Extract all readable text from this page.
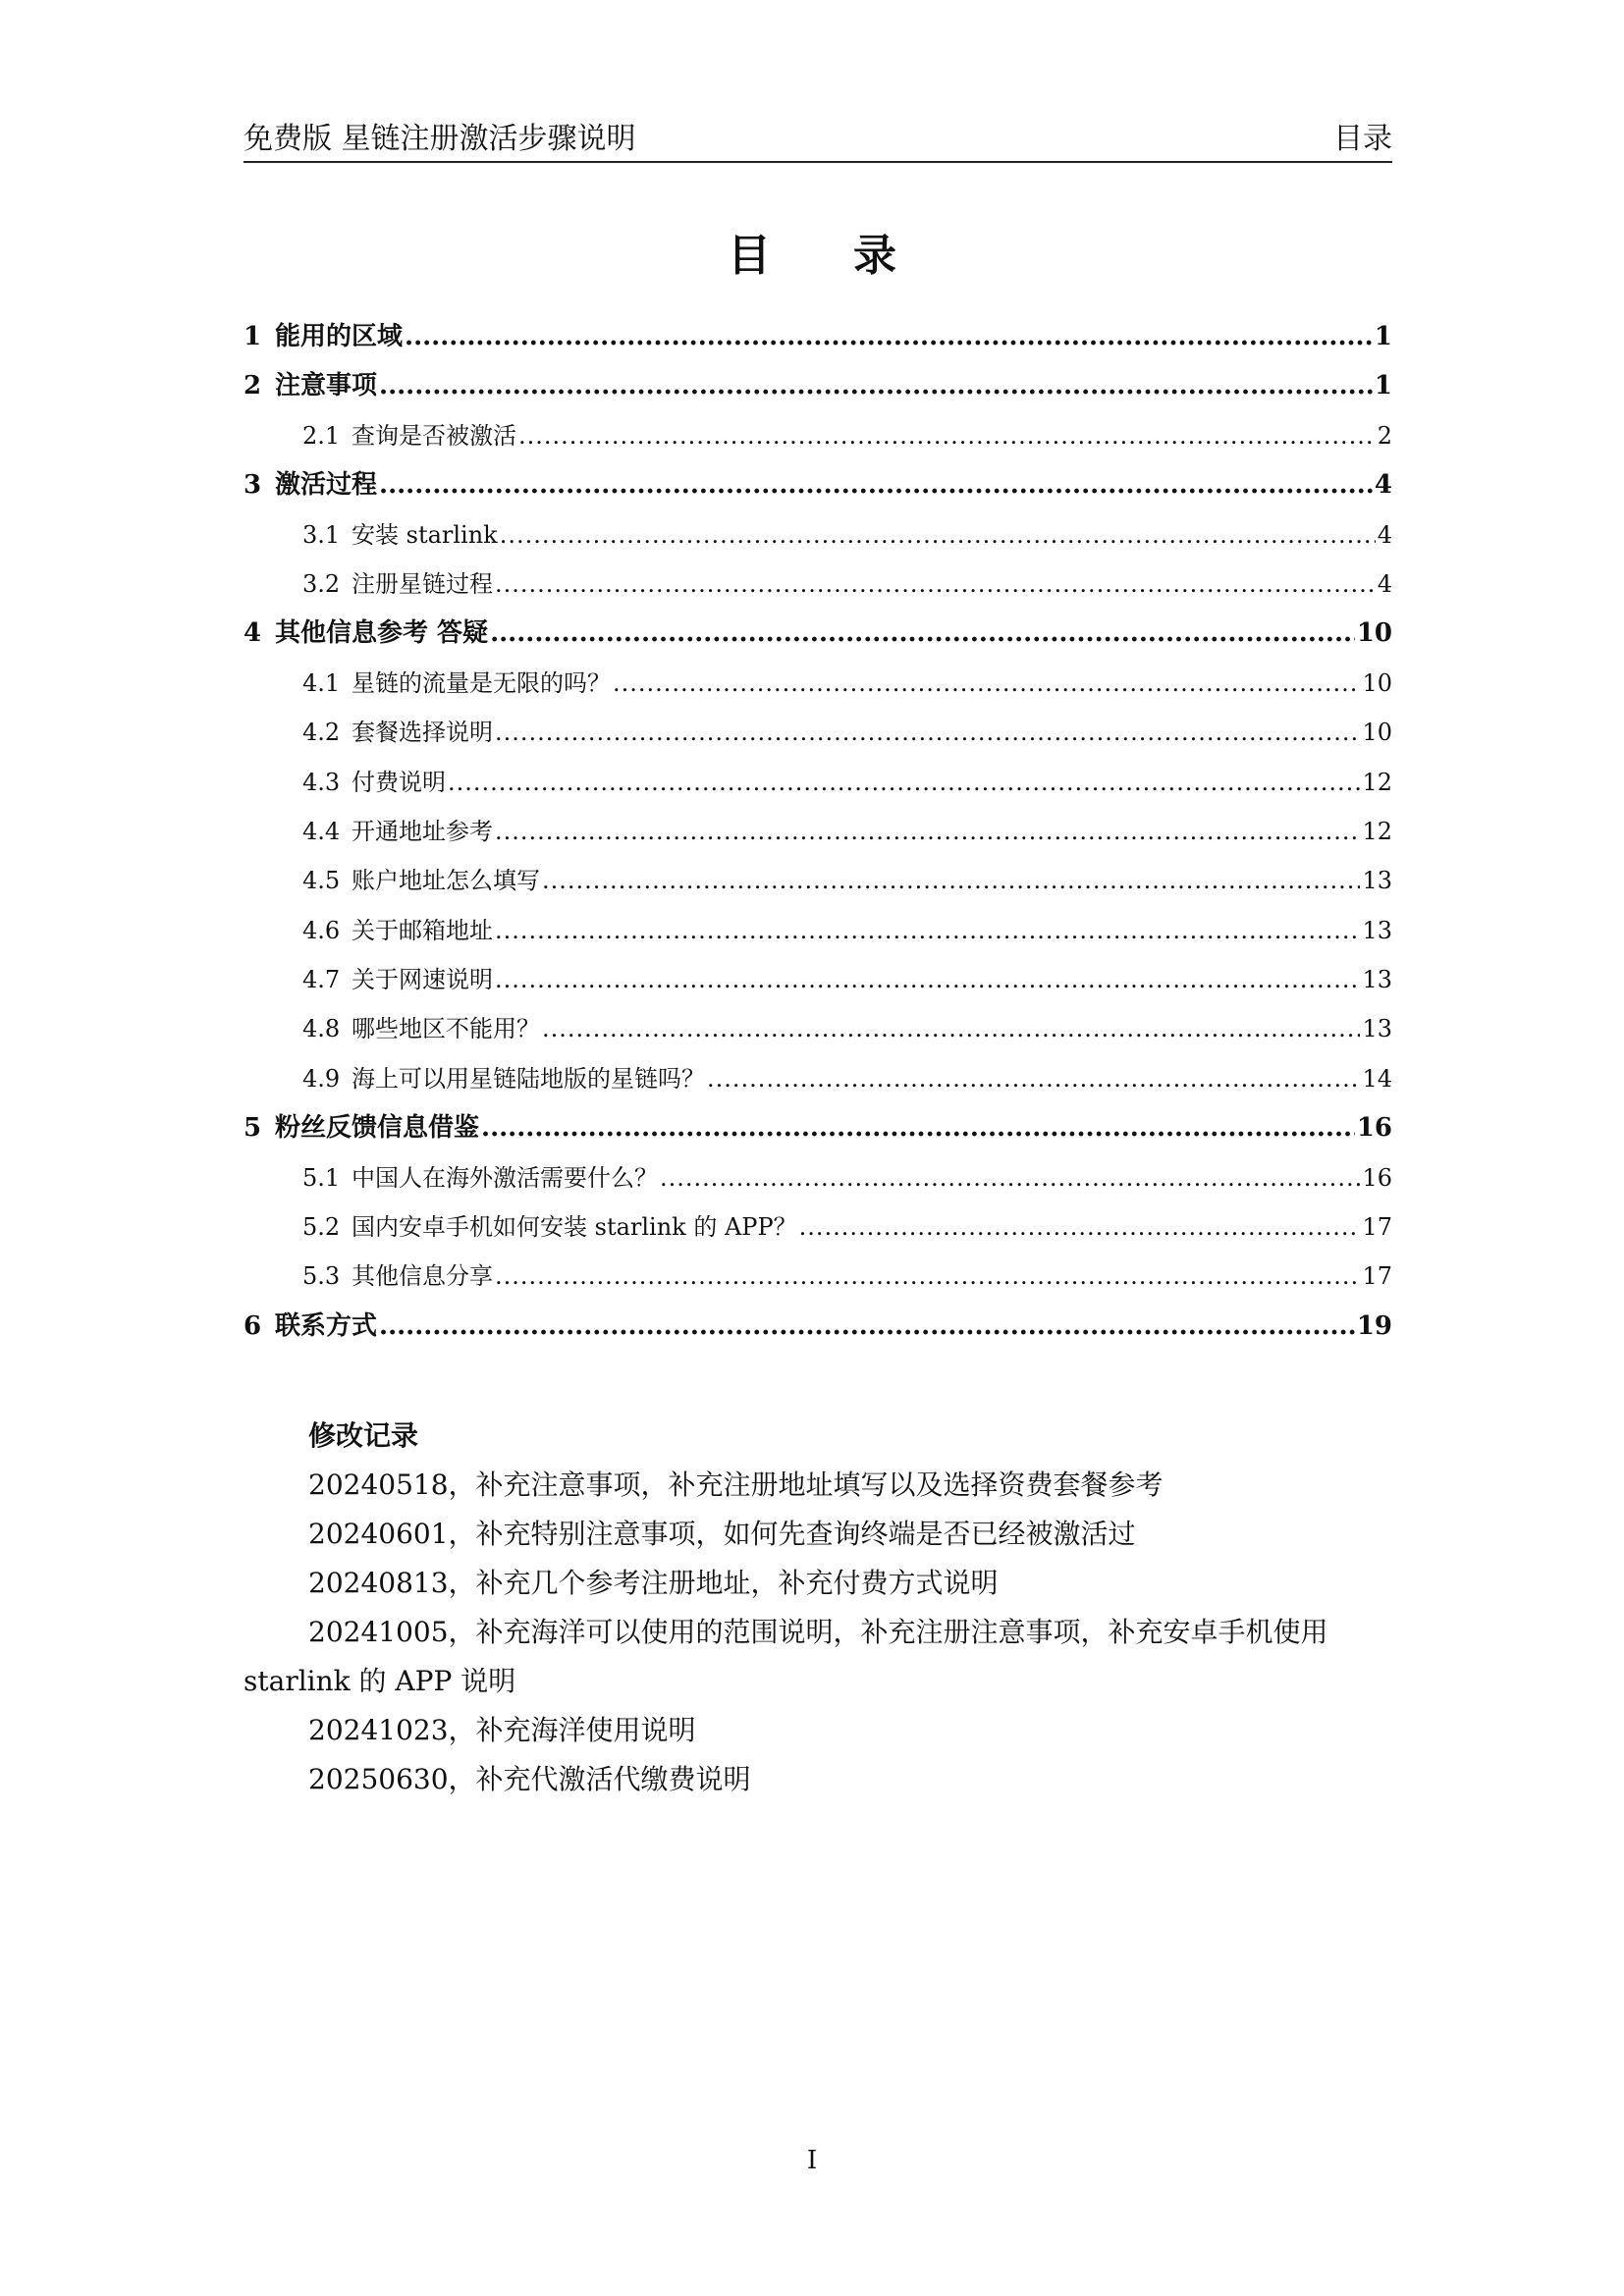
免费版 星链注册激活步骤说明	目录
目录
1 能用的区域 .....	1
2 注意事项 .....	1
2.1 查询是否被激活 .....	2
3 激活过程 .....	4
3.1 安装 starlink .....	4
3.2 注册星链过程 .....	4
4 其他信息参考 答疑 .....	10
4.1 星链的流量是无限的吗？ .....	10
4.2 套餐选择说明 .....	10
4.3 付费说明 .....	12
4.4 开通地址参考 .....	12
4.5 账户地址怎么填写 .....	13
4.6 关于邮箱地址 .....	13
4.7 关于网速说明 .....	13
4.8 哪些地区不能用？ .....	13
4.9 海上可以用星链陆地版的星链吗？ .....	14
5 粉丝反馈信息借鉴 .....	16
5.1 中国人在海外激活需要什么？ .....	16
5.2 国内安卓手机如何安装 starlink 的 APP？ .....	17
5.3 其他信息分享 .....	17
6 联系方式 .....	19
修改记录
20240518，补充注意事项，补充注册地址填写以及选择资费套餐参考
20240601，补充特别注意事项，如何先查询终端是否已经被激活过
20240813，补充几个参考注册地址，补充付费方式说明
20241005，补充海洋可以使用的范围说明，补充注册注意事项，补充安卓手机使用 starlink 的 APP 说明
20241023，补充海洋使用说明
20250630，补充代激活代缴费说明
I
